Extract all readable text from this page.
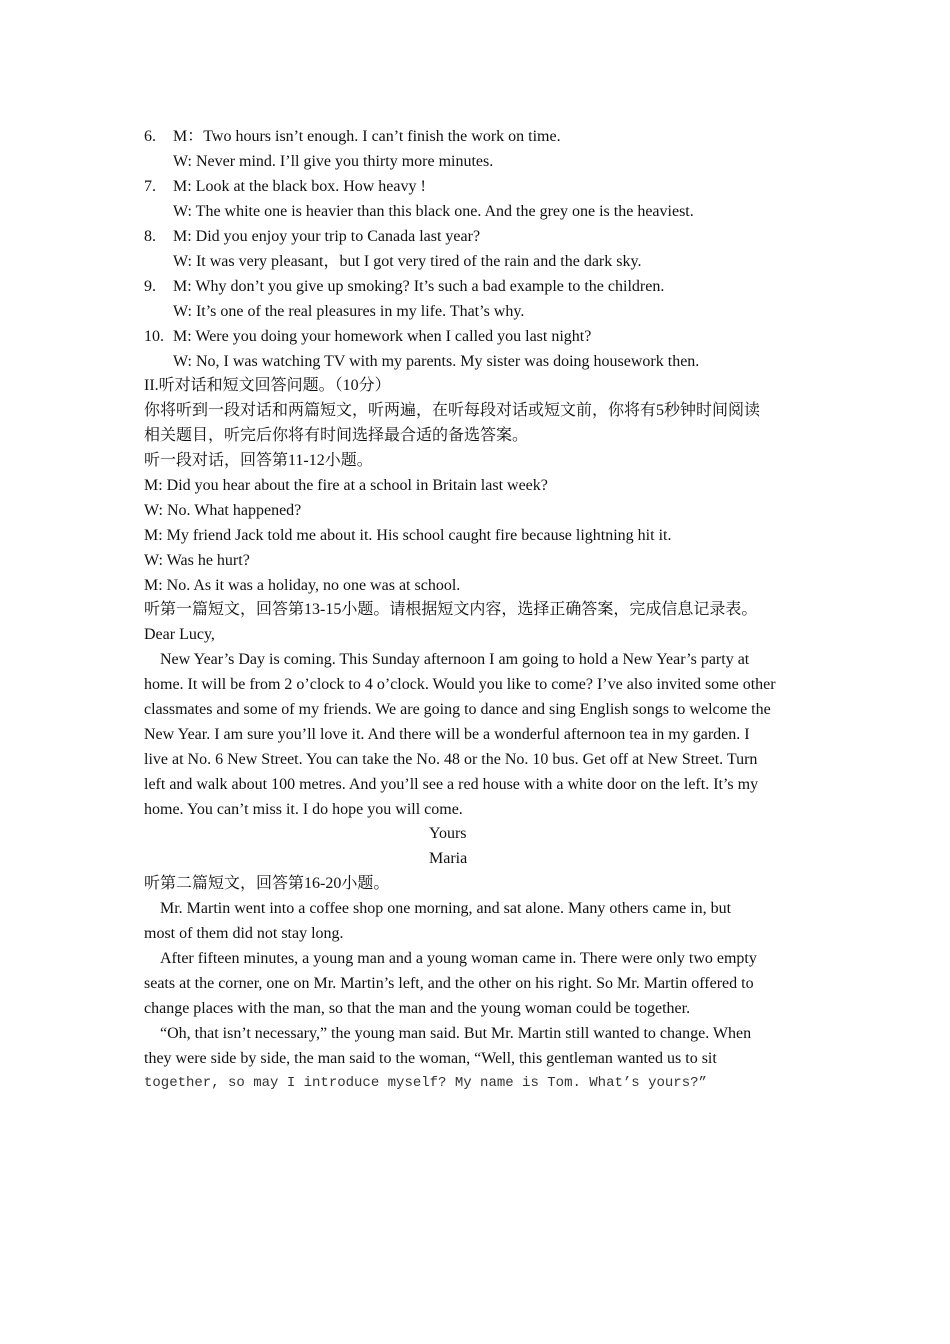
6. M：Two hours isn’t enough. I can’t finish the work on time.
W: Never mind. I’ll give you thirty more minutes.
7. M: Look at the black box. How heavy !
W: The white one is heavier than this black one. And the grey one is the heaviest.
8. M: Did you enjoy your trip to Canada last year?
W: It was very pleasant，but I got very tired of the rain and the dark sky.
9. M: Why don’t you give up smoking? It’s such a bad example to the children.
W: It’s one of the real pleasures in my life. That’s why.
10. M: Were you doing your homework when I called you last night?
W: No, I was watching TV with my parents. My sister was doing housework then.
II.听对话和短文回答问题。（10分）
你将听到一段对话和两篇短文，听两遍，在听每段对话或短文前，你将有5秒钟时间阅读
相关题目，听完后你将有时间选择最合适的备选答案。
听一段对话，回答第11-12小题。
M: Did you hear about the fire at a school in Britain last week?
W: No. What happened?
M: My friend Jack told me about it. His school caught fire because lightning hit it.
W: Was he hurt?
M: No. As it was a holiday, no one was at school.
听第一篇短文，回答第13-15小题。请根据短文内容，选择正确答案，完成信息记录表。
Dear Lucy,
New Year’s Day is coming. This Sunday afternoon I am going to hold a New Year’s party at
home. It will be from 2 o’clock to 4 o’clock. Would you like to come? I’ve also invited some other
classmates and some of my friends. We are going to dance and sing English songs to welcome the
New Year. I am sure you’ll love it. And there will be a wonderful afternoon tea in my garden. I
live at No. 6 New Street. You can take the No. 48 or the No. 10 bus. Get off at New Street. Turn
left and walk about 100 metres. And you’ll see a red house with a white door on the left. It’s my
home. You can’t miss it. I do hope you will come.
Yours
Maria
听第二篇短文，回答第16-20小题。
Mr. Martin went into a coffee shop one morning, and sat alone. Many others came in, but
most of them did not stay long.
After fifteen minutes, a young man and a young woman came in. There were only two empty
seats at the corner, one on Mr. Martin’s left, and the other on his right. So Mr. Martin offered to
change places with the man, so that the man and the young woman could be together.
“Oh, that isn’t necessary,” the young man said. But Mr. Martin still wanted to change. When
they were side by side, the man said to the woman, “Well, this gentleman wanted us to sit
together, so may I introduce myself? My name is Tom. What’s yours?”
